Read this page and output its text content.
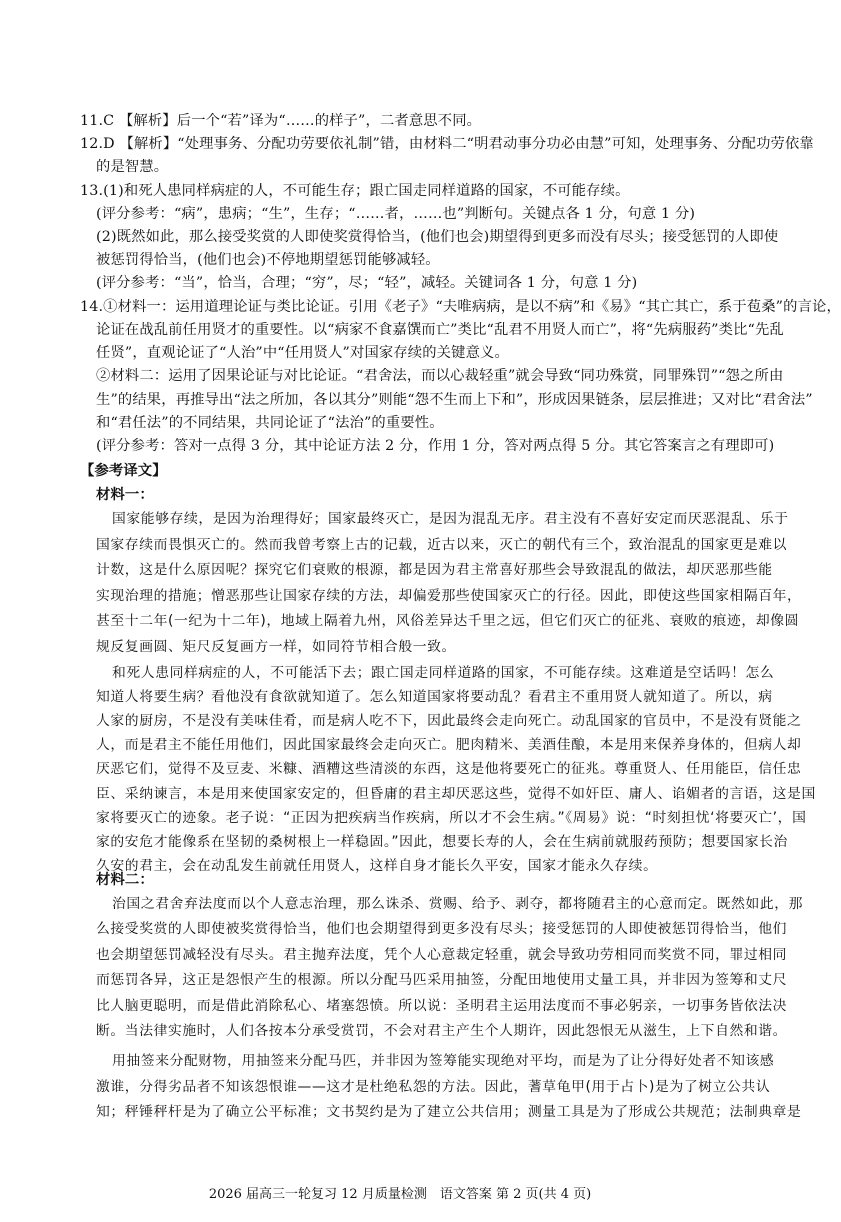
11.C 【解析】后一个“若”译为“……的样子”，二者意思不同。
12.D 【解析】“处理事务、分配功劳要依礼制”错，由材料二“明君动事分功必由慧”可知，处理事务、分配功劳依靠
的是智慧。
13.(1)和死人患同样病症的人，不可能生存；跟亡国走同样道路的国家，不可能存续。
(评分参考：“病”，患病；“生”，生存；“……者，……也”判断句。关键点各 1 分，句意 1 分)
(2)既然如此，那么接受奖赏的人即使奖赏得恰当，(他们也会)期望得到更多而没有尽头；接受惩罚的人即使
被惩罚得恰当，(他们也会)不停地期望惩罚能够减轻。
(评分参考：“当”，恰当，合理；“穷”，尽；“轻”，减轻。关键词各 1 分，句意 1 分)
14.①材料一：运用道理论证与类比论证。引用《老子》“夫唯病病，是以不病”和《易》“其亡其亡，系于苞桑”的言论，
论证在战乱前任用贤才的重要性。以“病家不食嘉馔而亡”类比“乱君不用贤人而亡”，将“先病服药”类比“先乱
任贤”，直观论证了“人治”中“任用贤人”对国家存续的关键意义。
②材料二：运用了因果论证与对比论证。“君舍法，而以心裁轻重”就会导致“同功殊赏，同罪殊罚”“怨之所由
生”的结果，再推导出“法之所加，各以其分”则能“怨不生而上下和”，形成因果链条，层层推进；又对比“君舍法”
和“君任法”的不同结果，共同论证了“法治”的重要性。
(评分参考：答对一点得 3 分，其中论证方法 2 分，作用 1 分，答对两点得 5 分。其它答案言之有理即可)
【参考译文】
材料一：
国家能够存续，是因为治理得好；国家最终灭亡，是因为混乱无序。君主没有不喜好安定而厌恶混乱、乐于
国家存续而畏惧灭亡的。然而我曾考察上古的记载，近古以来，灭亡的朝代有三个，致治混乱的国家更是难以
计数，这是什么原因呢？探究它们衰败的根源，都是因为君主常喜好那些会导致混乱的做法，却厌恶那些能
实现治理的措施；憎恶那些让国家存续的方法，却偏爱那些使国家灭亡的行径。因此，即使这些国家相隔百年，
甚至十二年(一纪为十二年)，地域上隔着九州，风俗差异达千里之远，但它们灭亡的征兆、衰败的痕迹，却像圆
规反复画圆、矩尺反复画方一样，如同符节相合般一致。
和死人患同样病症的人，不可能活下去；跟亡国走同样道路的国家，不可能存续。这难道是空话吗！怎么
知道人将要生病？看他没有食欲就知道了。怎么知道国家将要动乱？看君主不重用贤人就知道了。所以，病
人家的厨房，不是没有美味佳肴，而是病人吃不下，因此最终会走向死亡。动乱国家的官员中，不是没有贤能之
人，而是君主不能任用他们，因此国家最终会走向灭亡。肥肉精米、美酒佳酿，本是用来保养身体的，但病人却
厌恶它们，觉得不及豆麦、米糠、酒糟这些清淡的东西，这是他将要死亡的征兆。尊重贤人、任用能臣，信任忠
臣、采纳谏言，本是用来使国家安定的，但昏庸的君主却厌恶这些，觉得不如奸臣、庸人、谄媚者的言语，这是国
家将要灭亡的迹象。老子说：“正因为把疾病当作疾病，所以才不会生病。”《周易》说：“时刻担忧‘将要灭亡’，国
家的安危才能像系在坚韧的桑树根上一样稳固。”因此，想要长寿的人，会在生病前就服药预防；想要国家长治
久安的君主，会在动乱发生前就任用贤人，这样自身才能长久平安，国家才能永久存续。
材料二：
治国之君舍弃法度而以个人意志治理，那么诛杀、赏赐、给予、剥夺，都将随君主的心意而定。既然如此，那
么接受奖赏的人即使被奖赏得恰当，他们也会期望得到更多没有尽头；接受惩罚的人即使被惩罚得恰当，他们
也会期望惩罚减轻没有尽头。君主抛弃法度，凭个人心意裁定轻重，就会导致功劳相同而奖赏不同，罪过相同
而惩罚各异，这正是怨恨产生的根源。所以分配马匹采用抽签，分配田地使用丈量工具，并非因为签筹和丈尺
比人脑更聪明，而是借此消除私心、堵塞怨愤。所以说：圣明君主运用法度而不事必躬亲，一切事务皆依法决
断。当法律实施时，人们各按本分承受赏罚，不会对君主产生个人期许，因此怨恨无从滋生，上下自然和谐。
用抽签来分配财物，用抽签来分配马匹，并非因为签筹能实现绝对平均，而是为了让分得好处者不知该感
激谁，分得劣品者不知该怨恨谁——这才是杜绝私怨的方法。因此，蓍草龟甲(用于占卜)是为了树立公共认
知；秤锤秤杆是为了确立公平标准；文书契约是为了建立公共信用；测量工具是为了形成公共规范；法制典章是
2026 届高三一轮复习 12 月质量检测　语文答案 第 2 页(共 4 页)
